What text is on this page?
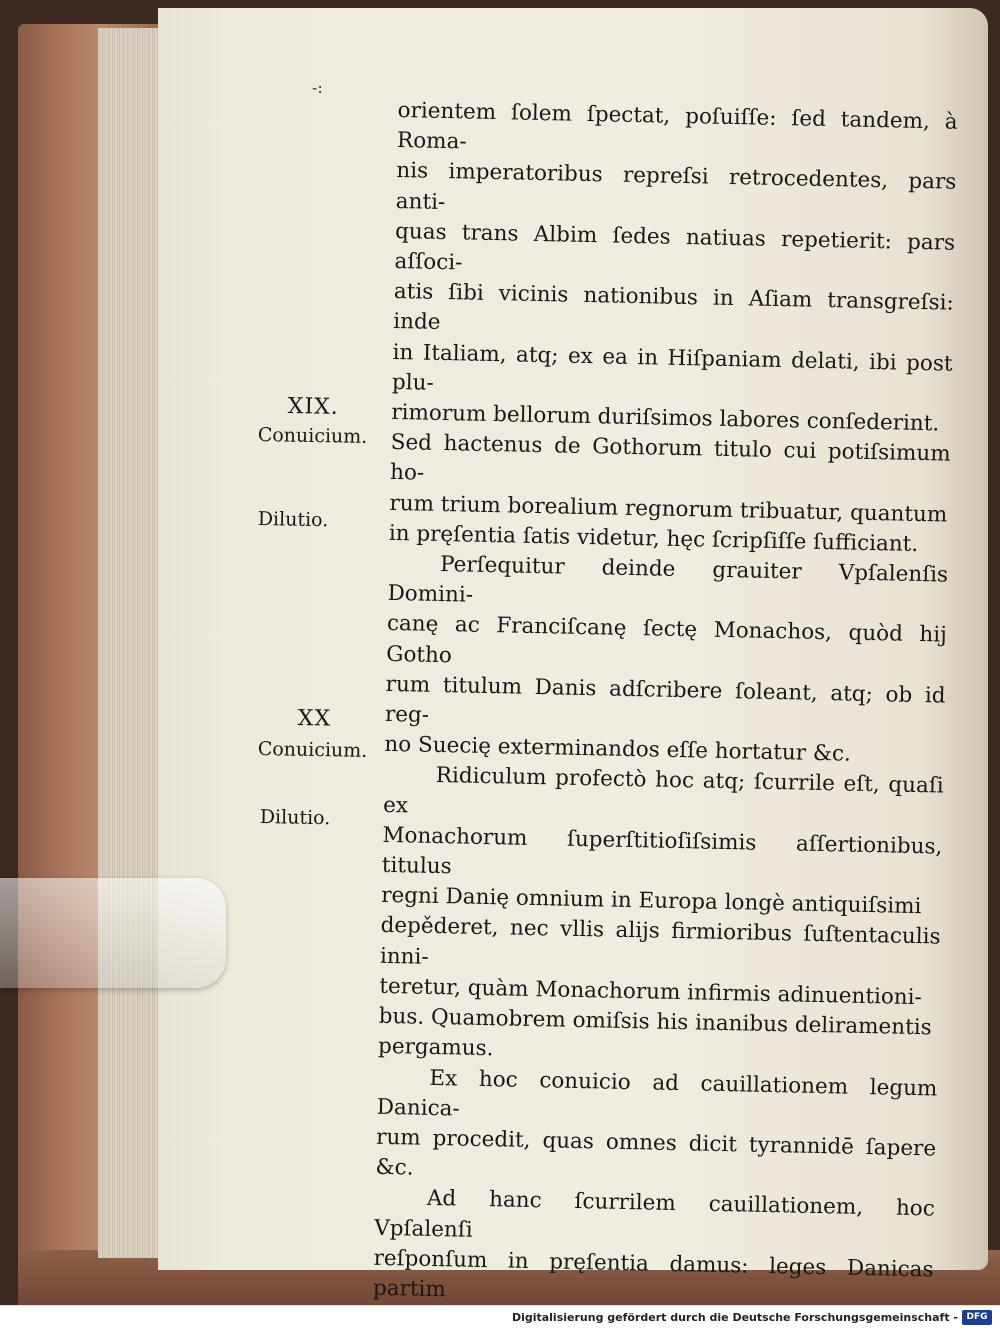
-:

orientem ſolem ſpectat, poſuiſſe: ſed tandem, à Roma-

nis imperatoribus repreſsi retrocedentes, pars anti-

quas trans Albim ſedes natiuas repetierit: pars aſſoci-

atis ſibi vicinis nationibus in Aſiam transgreſsi: inde

in Italiam, atq; ex ea in Hiſpaniam delati, ibi post plu-

rimorum bellorum duriſsimos labores conſederint.

Sed hactenus de Gothorum titulo cui potiſsimum ho-

rum trium borealium regnorum tribuatur, quantum

in pręſentia ſatis videtur, hęc ſcripſiſſe ſufficiant.

Perſequitur deinde grauiter Vpſalenſis Domini-

canę ac Franciſcanę ſectę Monachos, quòd hij Gotho

rum titulum Danis adſcribere ſoleant, atq; ob id reg-

no Suecię exterminandos eſſe hortatur &c.

Ridiculum profectò hoc atq; ſcurrile eſt, quaſi ex

Monachorum ſuperſtitioſiſsimis aſſertionibus, titulus

regni Danię omnium in Europa longè antiquiſsimi

depěderet, nec vllis alijs firmioribus ſuſtentaculis inni-

teretur, quàm Monachorum infirmis adinuentioni-

bus. Quamobrem omiſsis his inanibus deliramentis

pergamus.

Ex hoc conuicio ad cauillationem legum Danica-

rum procedit, quas omnes dicit tyrannidē ſapere &c.

Ad hanc ſcurrilem cauillationem, hoc Vpſalenſi

reſponſum in pręſentia damus: leges Danicas partim

XIX.
Conuicium.
Dilutio.
XX
Conuicium.
Dilutio.
Digitalisierung gefördert durch die Deutsche Forschungsgemeinschaft - DFG
